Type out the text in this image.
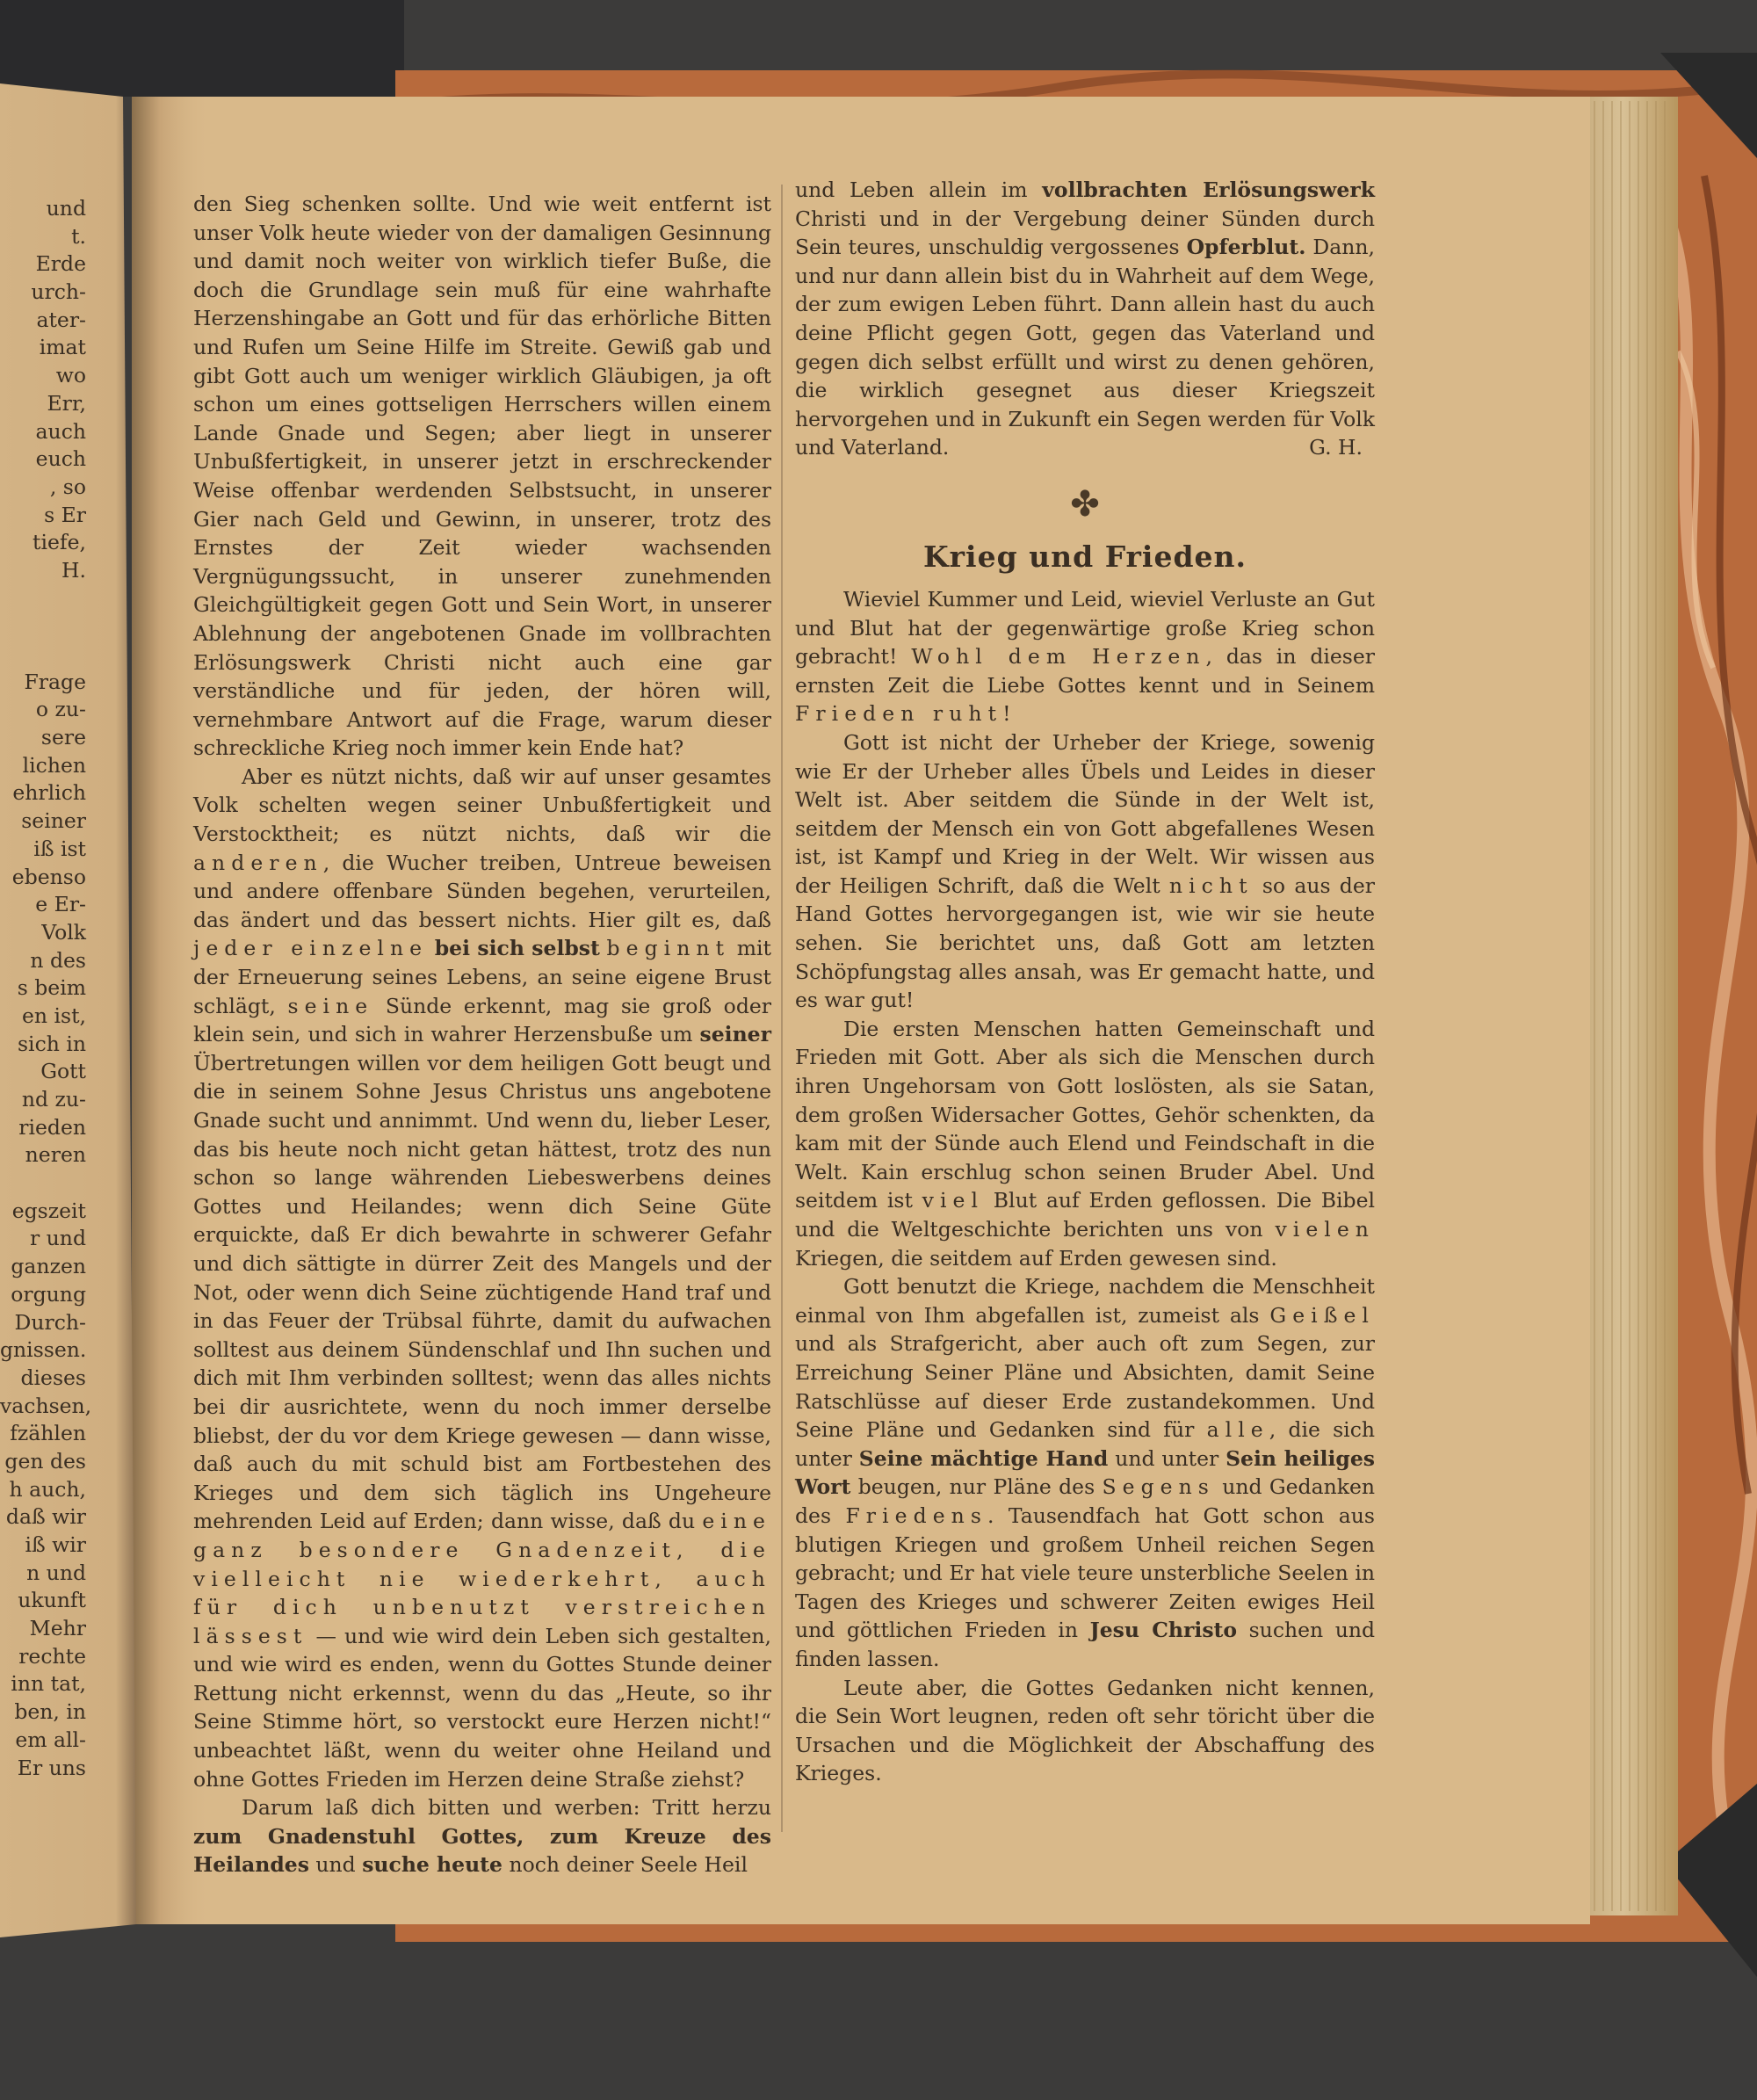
und
t.
Erde
urch-
ater-
imat
wo
Err,
auch
euch
, so
s Er
tiefe,
H.
Frage
o zu-
sere
lichen
ehrlich
seiner
iß ist
ebenso
e Er-
Volk
n des
s beim
en ist,
sich in
Gott
nd zu-
rieden
neren
egszeit
r und
ganzen
orgung
Durch-
gnissen.
dieses
vachsen,
fzählen
gen des
h auch,
daß wir
iß wir
n und
ukunft
Mehr
rechte
inn tat,
ben, in
em all-
Er uns

den Sieg schenken sollte. Und wie weit entfernt ist unser Volk heute wieder von der damaligen Gesinnung und damit noch weiter von wirklich tiefer Buße, die doch die Grundlage sein muß für eine wahrhafte Herzenshingabe an Gott und für das erhörliche Bitten und Rufen um Seine Hilfe im Streite. Gewiß gab und gibt Gott auch um weniger wirklich Gläubigen, ja oft schon um eines gottseligen Herrschers willen einem Lande Gnade und Segen; aber liegt in unserer Unbußfertigkeit, in unserer jetzt in erschreckender Weise offenbar werdenden Selbstsucht, in unserer Gier nach Geld und Gewinn, in unserer, trotz des Ernstes der Zeit wieder wachsenden Vergnügungssucht, in unserer zunehmenden Gleichgültigkeit gegen Gott und Sein Wort, in unserer Ablehnung der angebotenen Gnade im vollbrachten Erlösungswerk Christi nicht auch eine gar verständliche und für jeden, der hören will, vernehmbare Antwort auf die Frage, warum dieser schreckliche Krieg noch immer kein Ende hat?

Aber es nützt nichts, daß wir auf unser gesamtes Volk schelten wegen seiner Unbußfertigkeit und Verstocktheit; es nützt nichts, daß wir die anderen, die Wucher treiben, Untreue beweisen und andere offenbare Sünden begehen, verurteilen, das ändert und das bessert nichts. Hier gilt es, daß jeder einzelne bei sich selbst beginnt mit der Erneuerung seines Lebens, an seine eigene Brust schlägt, seine Sünde erkennt, mag sie groß oder klein sein, und sich in wahrer Herzensbuße um seiner Übertretungen willen vor dem heiligen Gott beugt und die in seinem Sohne Jesus Christus uns angebotene Gnade sucht und annimmt. Und wenn du, lieber Leser, das bis heute noch nicht getan hättest, trotz des nun schon so lange währenden Liebeswerbens deines Gottes und Heilandes; wenn dich Seine Güte erquickte, daß Er dich bewahrte in schwerer Gefahr und dich sättigte in dürrer Zeit des Mangels und der Not, oder wenn dich Seine züchtigende Hand traf und in das Feuer der Trübsal führte, damit du aufwachen solltest aus deinem Sündenschlaf und Ihn suchen und dich mit Ihm verbinden solltest; wenn das alles nichts bei dir ausrichtete, wenn du noch immer derselbe bliebst, der du vor dem Kriege gewesen — dann wisse, daß auch du mit schuld bist am Fortbestehen des Krieges und dem sich täglich ins Ungeheure mehrenden Leid auf Erden; dann wisse, daß du eine ganz besondere Gnadenzeit, die vielleicht nie wiederkehrt, auch für dich unbenutzt verstreichen lässest — und wie wird dein Leben sich gestalten, und wie wird es enden, wenn du Gottes Stunde deiner Rettung nicht erkennst, wenn du das „Heute, so ihr Seine Stimme hört, so verstockt eure Herzen nicht!“ unbeachtet läßt, wenn du weiter ohne Heiland und ohne Gottes Frieden im Herzen deine Straße ziehst?

Darum laß dich bitten und werben: Tritt herzu zum Gnadenstuhl Gottes, zum Kreuze des Heilandes und suche heute noch deiner Seele Heil

und Leben allein im vollbrachten Erlösungswerk Christi und in der Vergebung deiner Sünden durch Sein teures, unschuldig vergossenes Opferblut. Dann, und nur dann allein bist du in Wahrheit auf dem Wege, der zum ewigen Leben führt. Dann allein hast du auch deine Pflicht gegen Gott, gegen das Vaterland und gegen dich selbst erfüllt und wirst zu denen gehören, die wirklich gesegnet aus dieser Kriegszeit hervorgehen und in Zukunft ein Segen werden für Volk und Vaterland.	G. H.

✤
Krieg und Frieden.

Wieviel Kummer und Leid, wieviel Verluste an Gut und Blut hat der gegenwärtige große Krieg schon gebracht! Wohl dem Herzen, das in dieser ernsten Zeit die Liebe Gottes kennt und in Seinem Frieden ruht!

Gott ist nicht der Urheber der Kriege, sowenig wie Er der Urheber alles Übels und Leides in dieser Welt ist. Aber seitdem die Sünde in der Welt ist, seitdem der Mensch ein von Gott abgefallenes Wesen ist, ist Kampf und Krieg in der Welt. Wir wissen aus der Heiligen Schrift, daß die Welt nicht so aus der Hand Gottes hervorgegangen ist, wie wir sie heute sehen. Sie berichtet uns, daß Gott am letzten Schöpfungstag alles ansah, was Er gemacht hatte, und es war gut!

Die ersten Menschen hatten Gemeinschaft und Frieden mit Gott. Aber als sich die Menschen durch ihren Ungehorsam von Gott loslösten, als sie Satan, dem großen Widersacher Gottes, Gehör schenkten, da kam mit der Sünde auch Elend und Feindschaft in die Welt. Kain erschlug schon seinen Bruder Abel. Und seitdem ist viel Blut auf Erden geflossen. Die Bibel und die Weltgeschichte berichten uns von vielen Kriegen, die seitdem auf Erden gewesen sind.

Gott benutzt die Kriege, nachdem die Menschheit einmal von Ihm abgefallen ist, zumeist als Geißel und als Strafgericht, aber auch oft zum Segen, zur Erreichung Seiner Pläne und Absichten, damit Seine Ratschlüsse auf dieser Erde zustandekommen. Und Seine Pläne und Gedanken sind für alle, die sich unter Seine mächtige Hand und unter Sein heiliges Wort beugen, nur Pläne des Segens und Gedanken des Friedens. Tausendfach hat Gott schon aus blutigen Kriegen und großem Unheil reichen Segen gebracht; und Er hat viele teure unsterbliche Seelen in Tagen des Krieges und schwerer Zeiten ewiges Heil und göttlichen Frieden in Jesu Christo suchen und finden lassen.

Leute aber, die Gottes Gedanken nicht kennen, die Sein Wort leugnen, reden oft sehr töricht über die Ursachen und die Möglichkeit der Abschaffung des Krieges.
